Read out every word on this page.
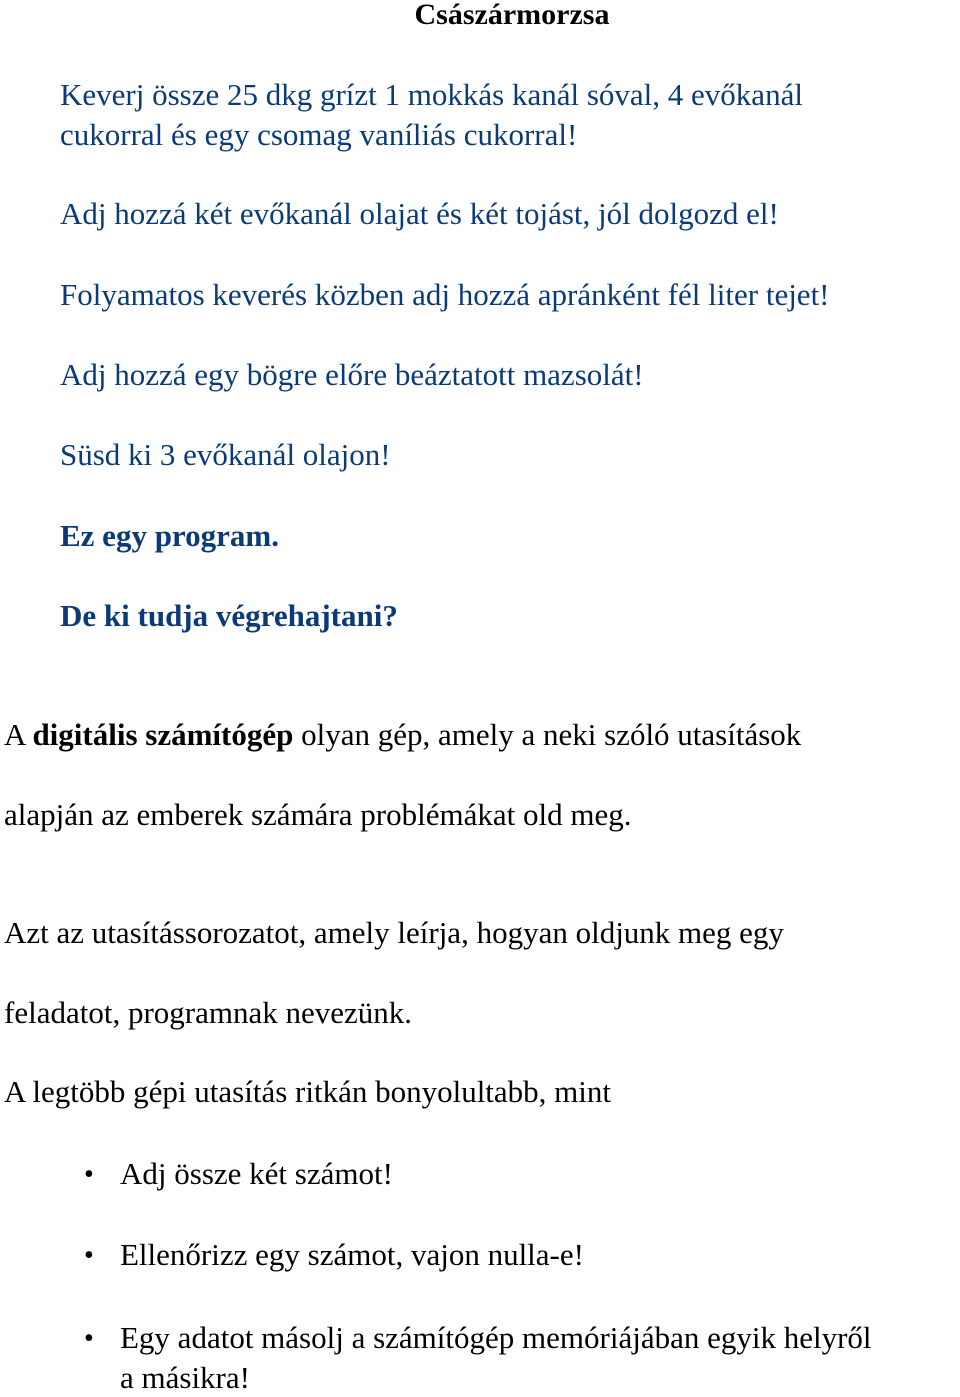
Császármorzsa

Keverj össze 25 dkg grízt 1 mokkás kanál sóval, 4 evőkanál

cukorral és egy csomag vaníliás cukorral!

Adj hozzá két evőkanál olajat és két tojást, jól dolgozd el!

Folyamatos keverés közben adj hozzá apránként fél liter tejet!

Adj hozzá egy bögre előre beáztatott mazsolát!

Süsd ki 3 evőkanál olajon!

Ez egy program.

De ki tudja végrehajtani?

A digitális számítógép olyan gép, amely a neki szóló utasítások

alapján az emberek számára problémákat old meg.

Azt az utasítássorozatot, amely leírja, hogyan oldjunk meg egy

feladatot, programnak nevezünk.

A legtöbb gépi utasítás ritkán bonyolultabb, mint

• Adj össze két számot!

• Ellenőrizz egy számot, vajon nulla-e!

• Egy adatot másolj a számítógép memóriájában egyik helyről

a másikra!
